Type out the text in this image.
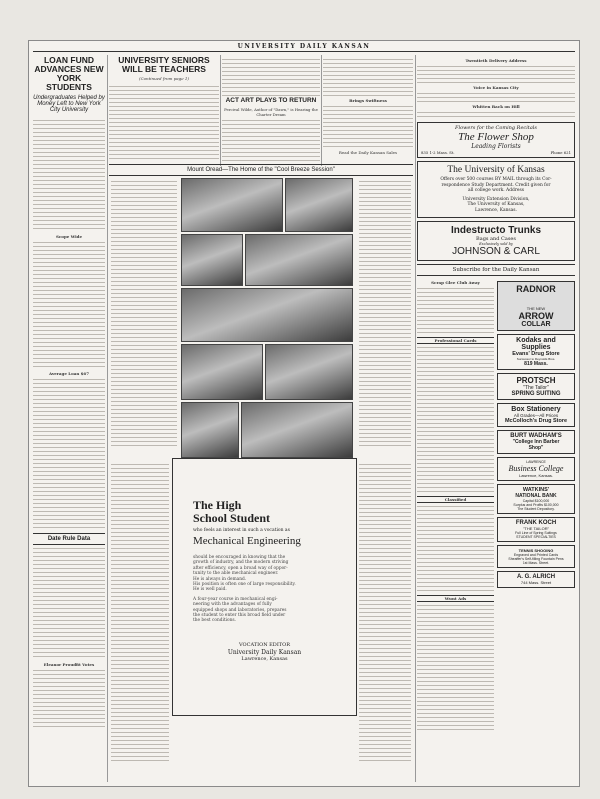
UNIVERSITY DAILY KANSAN
LOAN FUND ADVANCES NEW YORK STUDENTS
Undergraduates Helped by Money Left to New York City University
Scope Wide
Average Loan $67
Date Rule Data
Eleanor Proudfit Votes
UNIVERSITY SENIORS WILL BE TEACHERS
(Continued from page 1)
ACT ART PLAYS TO RETURN
Percival Wilde, Author of "Dawn," is Hearing the Charter Dream
Brings Swiftness
Read the Daily Kansan Sales
Mount Oread—The Home of the "Cool Breeze Session"
The High
School Student
who feels an interest in such a vocation as
Mechanical Engineering
should be encouraged in knowing that the
growth of industry, and the modern striving
after efficiency, open a broad way of oppor-
tunity to the able mechanical engineer.
He is always in demand.
His position is often one of large responsibility.
He is well paid.
A four-year course in mechanical engi-
neering with the advantages of fully
equipped shops and laboratories, prepares
the student to enter this broad field under
the best conditions.
VOCATION EDITOR
University Daily Kansan
Lawrence, Kansas
Twentieth Delivery Address
Voice in Kansas City
Whitten Back on Hill
Flowers for the Coming Recitals
The Flower Shop
Leading Florists
835 1-2 Mass. St.	Phone 621
The University of Kansas
Offers over 500 courses BY MAIL through its Cor-
respondence Study Department. Credit given for
all college work. Address
University Extension Division,
The University of Kansas,
Lawrence, Kansas.
Indestructo Trunks
Bags and Cases
Exclusively sold by
JOHNSON & CARL
Subscribe for the Daily Kansan
Scrap Glee Club Away
Professional Cards
Classified
Wunt Ads
RADNOR
THE NEW
ARROW
COLLAR
Kodaks and
Supplies
Evans' Drug Store
Successor to Reynolds Bros.
819 Mass.
PROTSCH
"The Tailor"
SPRING SUITING
Box Stationery
All Grades—All Prices
McColloch's Drug Store
BURT WADHAM'S
"College Inn Barber
Shop"
LAWRENCE
Business College
Lawrence, Kansas.
WATKINS'
NATIONAL BANK
Capital $100,000
Surplus and Profits $100,000
The Student Depository.
FRANK KOCH
"THE TAILOR"
Full Line of Spring Suitings
STUDENT SPECIALTIES
TENNIS SHOOING
Engraved and Printed Cards
Sheaffer's Self-filling Fountain Pens
1st Mass. Street.
A. G. ALRICH
744 Mass. Street
